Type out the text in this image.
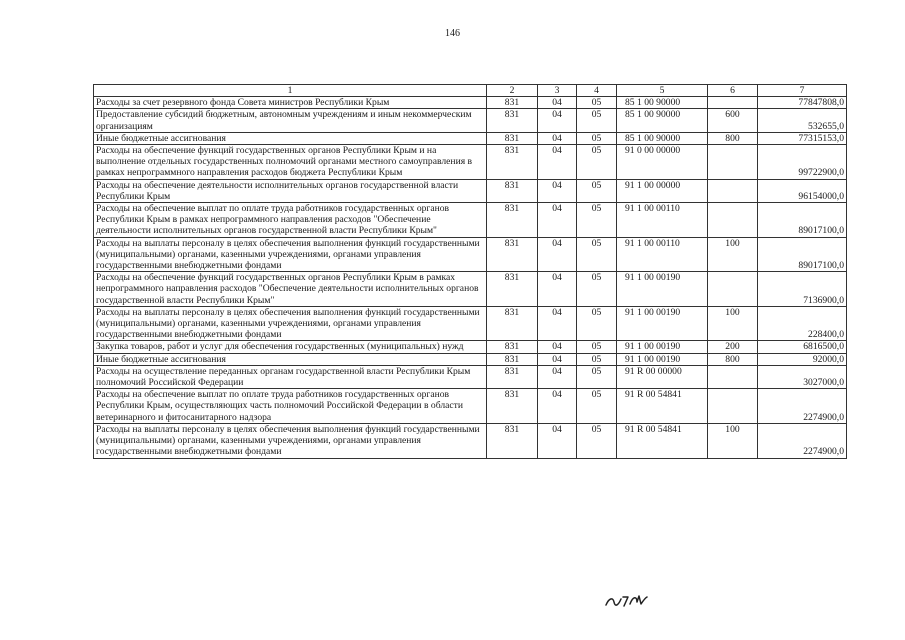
146
1	2	3	4	5	6	7
Расходы за счет резервного фонда Совета министров Республики Крым	831	04	05	85 1 00 90000		77847808,0
Предоставление субсидий бюджетным, автономным учреждениям и иным некоммерческим организациям	831	04	05	85 1 00 90000	600	532655,0
Иные бюджетные ассигнования	831	04	05	85 1 00 90000	800	77315153,0
Расходы на обеспечение функций государственных органов Республики Крым и на выполнение отдельных государственных полномочий органами местного самоуправления в рамках непрограммного направления расходов бюджета Республики Крым	831	04	05	91 0 00 00000		99722900,0
Расходы на обеспечение деятельности исполнительных органов государственной власти Республики Крым	831	04	05	91 1 00 00000		96154000,0
Расходы на обеспечение выплат по оплате труда работников государственных органов Республики Крым в рамках непрограммного направления расходов "Обеспечение деятельности исполнительных органов государственной власти Республики Крым"	831	04	05	91 1 00 00110		89017100,0
Расходы на выплаты персоналу в целях обеспечения выполнения функций государственными (муниципальными) органами, казенными учреждениями, органами управления государственными внебюджетными фондами	831	04	05	91 1 00 00110	100	89017100,0
Расходы на обеспечение функций государственных органов Республики Крым в рамках непрограммного направления расходов "Обеспечение деятельности исполнительных органов государственной власти Республики Крым"	831	04	05	91 1 00 00190		7136900,0
Расходы на выплаты персоналу в целях обеспечения выполнения функций государственными (муниципальными) органами, казенными учреждениями, органами управления государственными внебюджетными фондами	831	04	05	91 1 00 00190	100	228400,0
Закупка товаров, работ и услуг для обеспечения государственных (муниципальных) нужд	831	04	05	91 1 00 00190	200	6816500,0
Иные бюджетные ассигнования	831	04	05	91 1 00 00190	800	92000,0
Расходы на осуществление переданных органам государственной власти Республики Крым полномочий Российской Федерации	831	04	05	91 R 00 00000		3027000,0
Расходы на обеспечение выплат по оплате труда работников государственных органов Республики Крым, осуществляющих часть полномочий Российской Федерации в области ветеринарного и фитосанитарного надзора	831	04	05	91 R 00 54841		2274900,0
Расходы на выплаты персоналу в целях обеспечения выполнения функций государственными (муниципальными) органами, казенными учреждениями, органами управления государственными внебюджетными фондами	831	04	05	91 R 00 54841	100	2274900,0
